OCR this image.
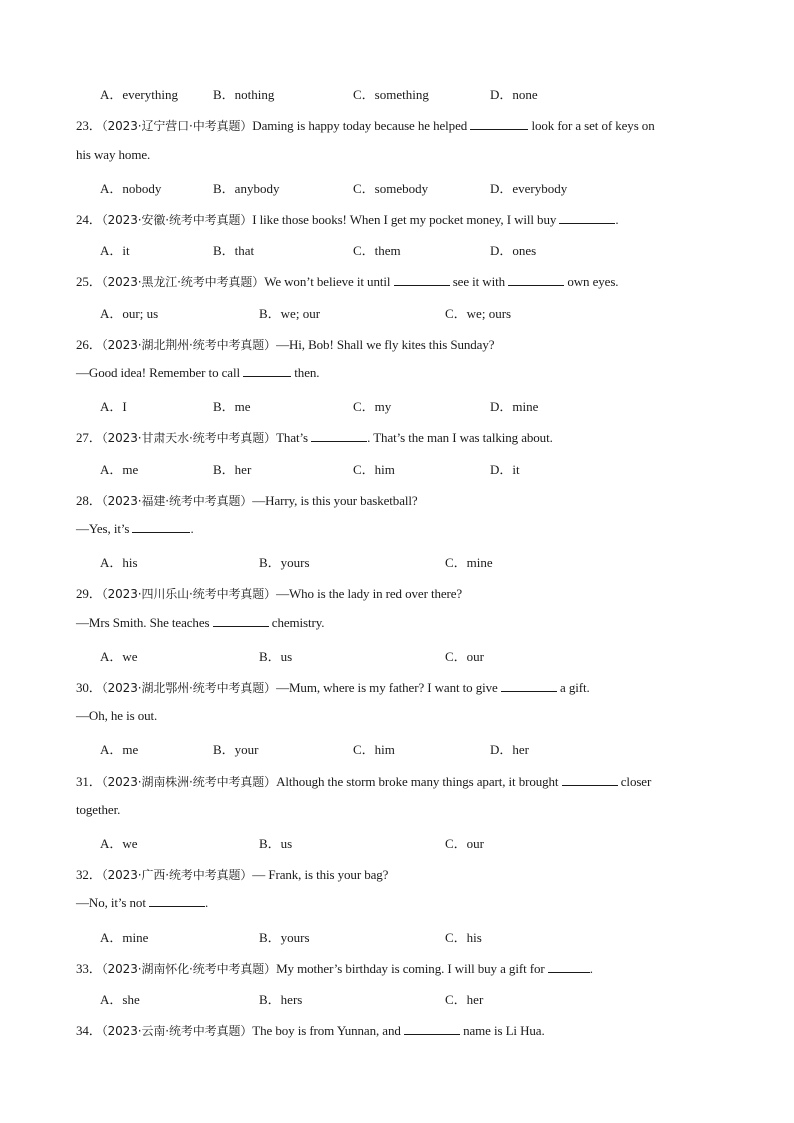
A．everything	B．nothing	C．something	D．none
23．（2023·辽宁营口·中考真题）Daming is happy today because he helped	look for a set of keys on
his way home.
A．nobody	B．anybody	C．somebody	D．everybody
24．（2023·安徽·统考中考真题）I like those books! When I get my pocket money, I will buy	.
A．it	B．that	C．them	D．ones
25．（2023·黑龙江·统考中考真题）We won’t believe it until	see it with	own eyes.
A．our; us	B．we; our	C．we; ours
26．（2023·湖北荆州·统考中考真题）—Hi, Bob! Shall we fly kites this Sunday?
—Good idea! Remember to call	then.
A．I	B．me	C．my	D．mine
27．（2023·甘肃天水·统考中考真题）That’s	. That’s the man I was talking about.
A．me	B．her	C．him	D．it
28．（2023·福建·统考中考真题）—Harry, is this your basketball?
—Yes, it’s	.
A．his	B．yours	C．mine
29．（2023·四川乐山·统考中考真题）—Who is the lady in red over there?
—Mrs Smith. She teaches	chemistry.
A．we	B．us	C．our
30．（2023·湖北鄂州·统考中考真题）—Mum, where is my father? I want to give	a gift.
—Oh, he is out.
A．me	B．your	C．him	D．her
31．（2023·湖南株洲·统考中考真题）Although the storm broke many things apart, it brought	closer
together.
A．we	B．us	C．our
32．（2023·广西·统考中考真题）— Frank, is this your bag?
—No, it’s not	.
A．mine	B．yours	C．his
33．（2023·湖南怀化·统考中考真题）My mother’s birthday is coming. I will buy a gift for	.
A．she	B．hers	C．her
34．（2023·云南·统考中考真题）The boy is from Yunnan, and	name is Li Hua.
